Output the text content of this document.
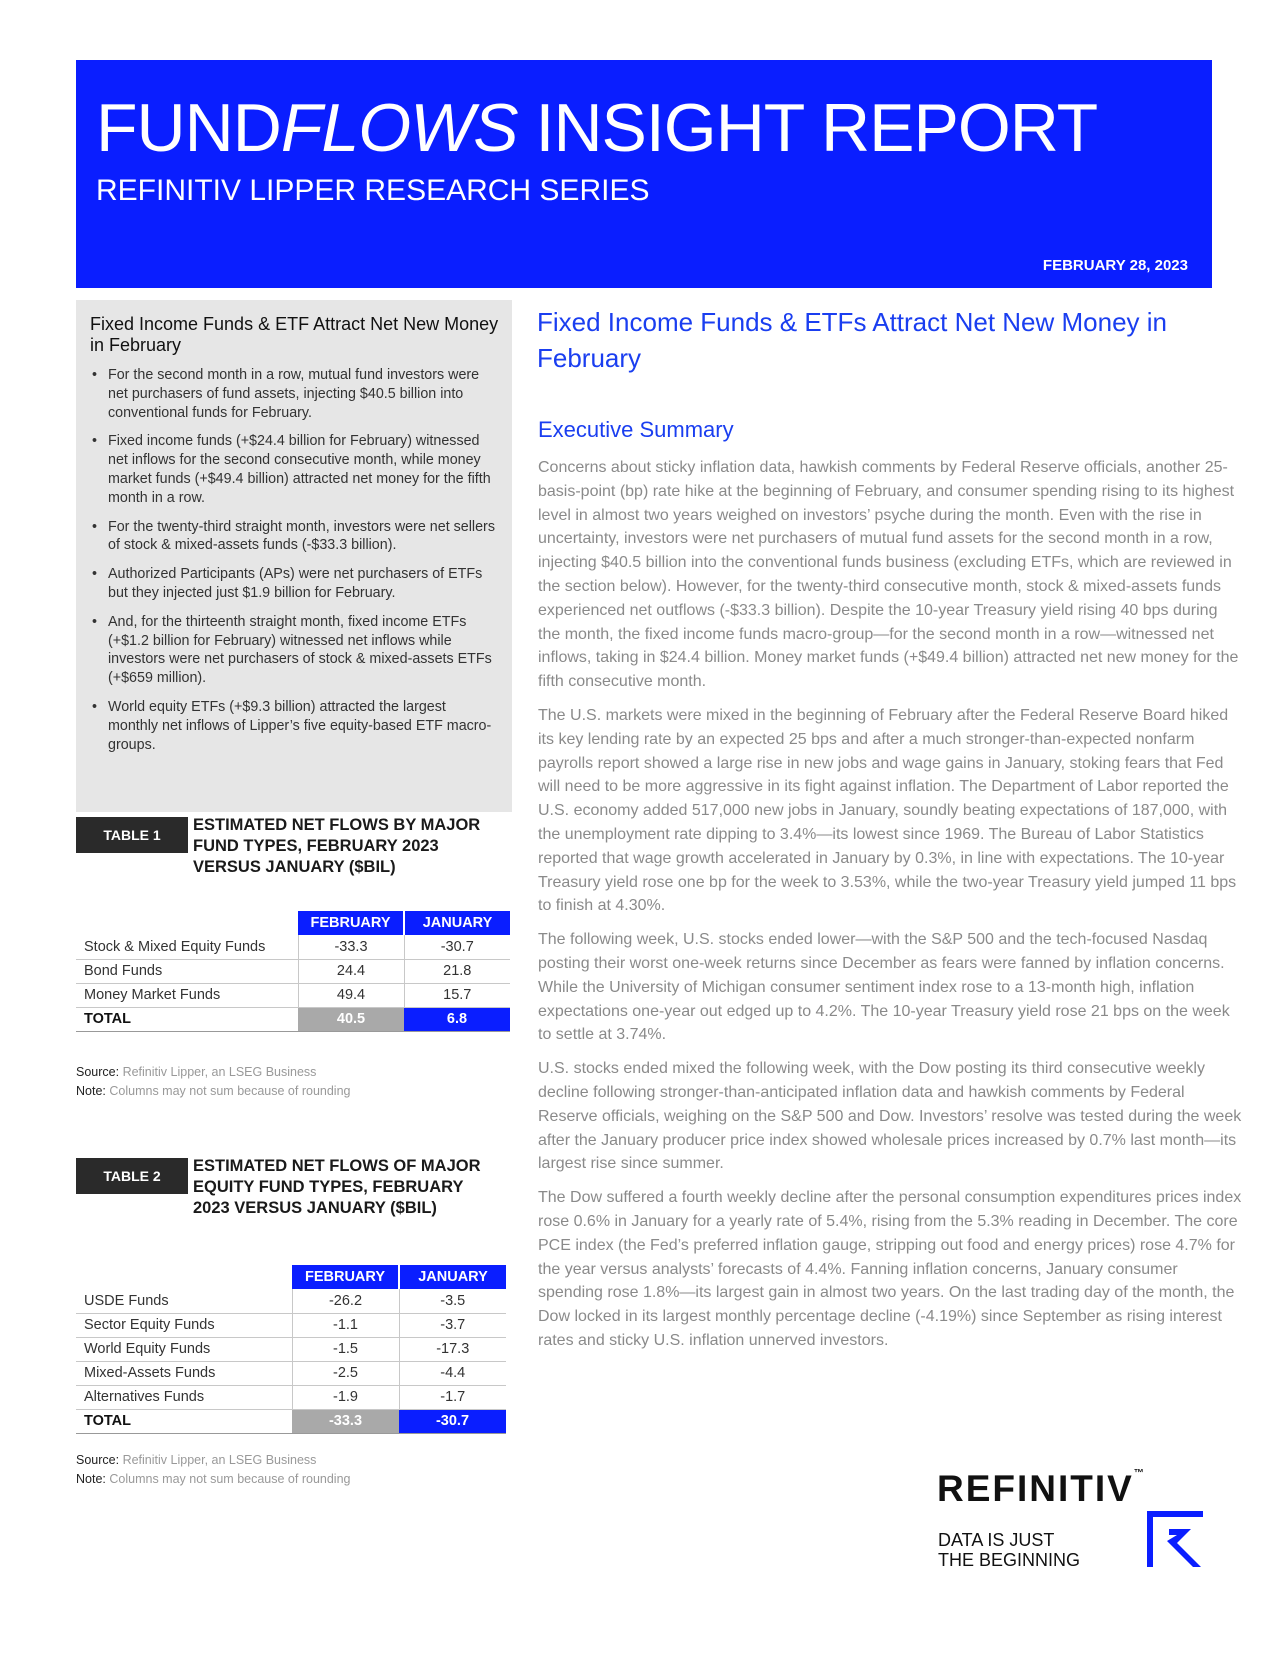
FUNDFLOWS INSIGHT REPORT
REFINITIV LIPPER RESEARCH SERIES
FEBRUARY 28, 2023
Fixed Income Funds & ETF Attract Net New Money in February
• For the second month in a row, mutual fund investors were net purchasers of fund assets, injecting $40.5 billion into conventional funds for February.
• Fixed income funds (+$24.4 billion for February) witnessed net inflows for the second consecutive month, while money market funds (+$49.4 billion) attracted net money for the fifth month in a row.
• For the twenty-third straight month, investors were net sellers of stock & mixed-assets funds (-$33.3 billion).
• Authorized Participants (APs) were net purchasers of ETFs but they injected just $1.9 billion for February.
• And, for the thirteenth straight month, fixed income ETFs (+$1.2 billion for February) witnessed net inflows while investors were net purchasers of stock & mixed-assets ETFs (+$659 million).
• World equity ETFs (+$9.3 billion) attracted the largest monthly net inflows of Lipper’s five equity-based ETF macro-groups.
TABLE 1
ESTIMATED NET FLOWS BY MAJOR FUND TYPES, FEBRUARY 2023 VERSUS JANUARY ($BIL)
	FEBRUARY	JANUARY
Stock & Mixed Equity Funds	-33.3	-30.7
Bond Funds	24.4	21.8
Money Market Funds	49.4	15.7
TOTAL	40.5	6.8
Source: Refinitiv Lipper, an LSEG Business
Note: Columns may not sum because of rounding
TABLE 2
ESTIMATED NET FLOWS OF MAJOR EQUITY FUND TYPES, FEBRUARY 2023 VERSUS JANUARY ($BIL)
	FEBRUARY	JANUARY
USDE Funds	-26.2	-3.5
Sector Equity Funds	-1.1	-3.7
World Equity Funds	-1.5	-17.3
Mixed-Assets Funds	-2.5	-4.4
Alternatives Funds	-1.9	-1.7
TOTAL	-33.3	-30.7
Source: Refinitiv Lipper, an LSEG Business
Note: Columns may not sum because of rounding
Fixed Income Funds & ETFs Attract Net New Money in February
Executive Summary

Concerns about sticky inflation data, hawkish comments by Federal Reserve officials, another 25-basis-point (bp) rate hike at the beginning of February, and consumer spending rising to its highest level in almost two years weighed on investors’ psyche during the month. Even with the rise in uncertainty, investors were net purchasers of mutual fund assets for the second month in a row, injecting $40.5 billion into the conventional funds business (excluding ETFs, which are reviewed in the section below). However, for the twenty-third consecutive month, stock & mixed-assets funds experienced net outflows (-$33.3 billion). Despite the 10-year Treasury yield rising 40 bps during the month, the fixed income funds macro-group—for the second month in a row—witnessed net inflows, taking in $24.4 billion. Money market funds (+$49.4 billion) attracted net new money for the fifth consecutive month.

The U.S. markets were mixed in the beginning of February after the Federal Reserve Board hiked its key lending rate by an expected 25 bps and after a much stronger-than-expected nonfarm payrolls report showed a large rise in new jobs and wage gains in January, stoking fears that Fed will need to be more aggressive in its fight against inflation. The Department of Labor reported the U.S. economy added 517,000 new jobs in January, soundly beating expectations of 187,000, with the unemployment rate dipping to 3.4%—its lowest since 1969. The Bureau of Labor Statistics reported that wage growth accelerated in January by 0.3%, in line with expectations. The 10-year Treasury yield rose one bp for the week to 3.53%, while the two-year Treasury yield jumped 11 bps to finish at 4.30%.

The following week, U.S. stocks ended lower—with the S&P 500 and the tech-focused Nasdaq posting their worst one-week returns since December as fears were fanned by inflation concerns. While the University of Michigan consumer sentiment index rose to a 13-month high, inflation expectations one-year out edged up to 4.2%. The 10-year Treasury yield rose 21 bps on the week to settle at 3.74%.

U.S. stocks ended mixed the following week, with the Dow posting its third consecutive weekly decline following stronger-than-anticipated inflation data and hawkish comments by Federal Reserve officials, weighing on the S&P 500 and Dow. Investors’ resolve was tested during the week after the January producer price index showed wholesale prices increased by 0.7% last month—its largest rise since summer.

The Dow suffered a fourth weekly decline after the personal consumption expenditures prices index rose 0.6% in January for a yearly rate of 5.4%, rising from the 5.3% reading in December. The core PCE index (the Fed’s preferred inflation gauge, stripping out food and energy prices) rose 4.7% for the year versus analysts’ forecasts of 4.4%. Fanning inflation concerns, January consumer spending rose 1.8%—its largest gain in almost two years. On the last trading day of the month, the Dow locked in its largest monthly percentage decline (-4.19%) since September as rising interest rates and sticky U.S. inflation unnerved investors.

REFINITIV™
DATA IS JUST
THE BEGINNING
